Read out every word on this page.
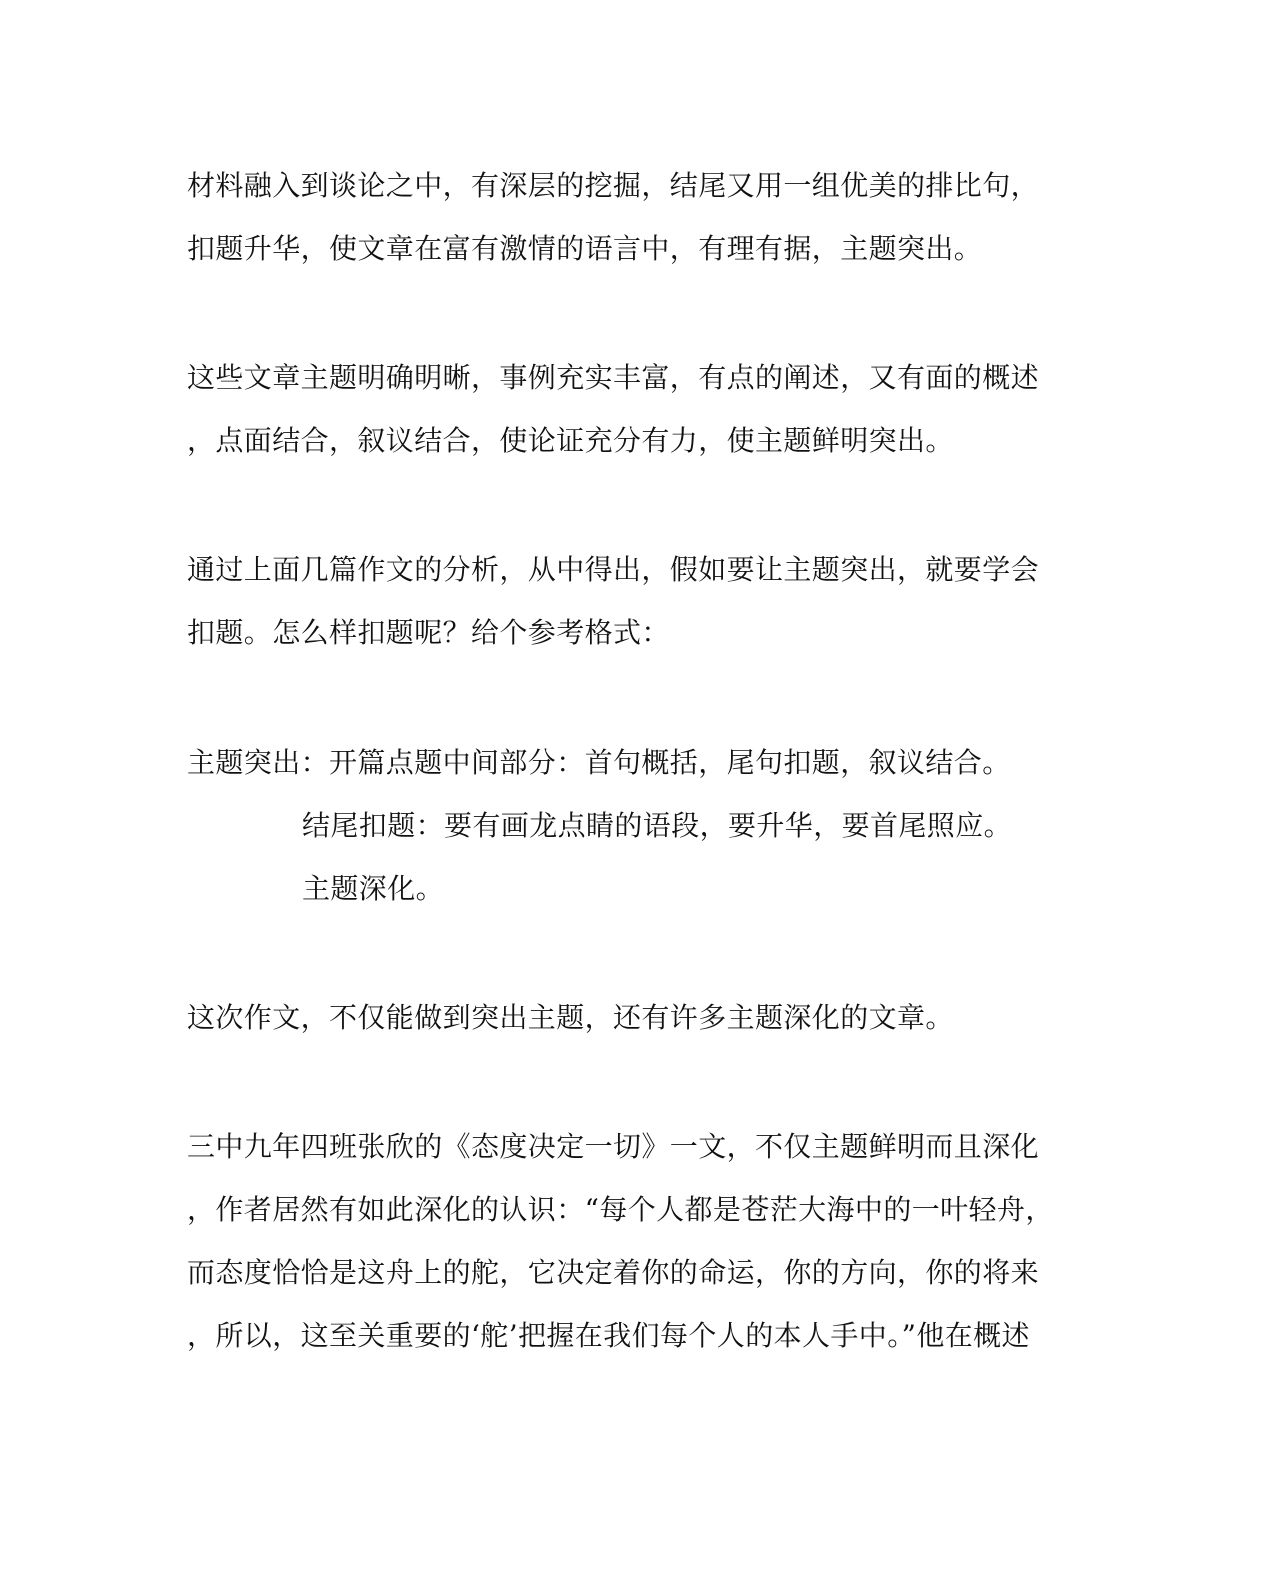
材料融入到谈论之中，有深层的挖掘，结尾又用一组优美的排比句，
扣题升华，使文章在富有激情的语言中，有理有据，主题突出。
这些文章主题明确明晰，事例充实丰富，有点的阐述，又有面的概述
，点面结合，叙议结合，使论证充分有力，使主题鲜明突出。
通过上面几篇作文的分析，从中得出，假如要让主题突出，就要学会
扣题。怎么样扣题呢？给个参考格式：
主题突出：开篇点题中间部分：首句概括，尾句扣题，叙议结合。
结尾扣题：要有画龙点睛的语段，要升华，要首尾照应。
主题深化。
这次作文，不仅能做到突出主题，还有许多主题深化的文章。
三中九年四班张欣的《态度决定一切》一文，不仅主题鲜明而且深化
，作者居然有如此深化的认识：“每个人都是苍茫大海中的一叶轻舟，
而态度恰恰是这舟上的舵，它决定着你的命运，你的方向，你的将来
，所以，这至关重要的‘舵’把握在我们每个人的本人手中。”他在概述
